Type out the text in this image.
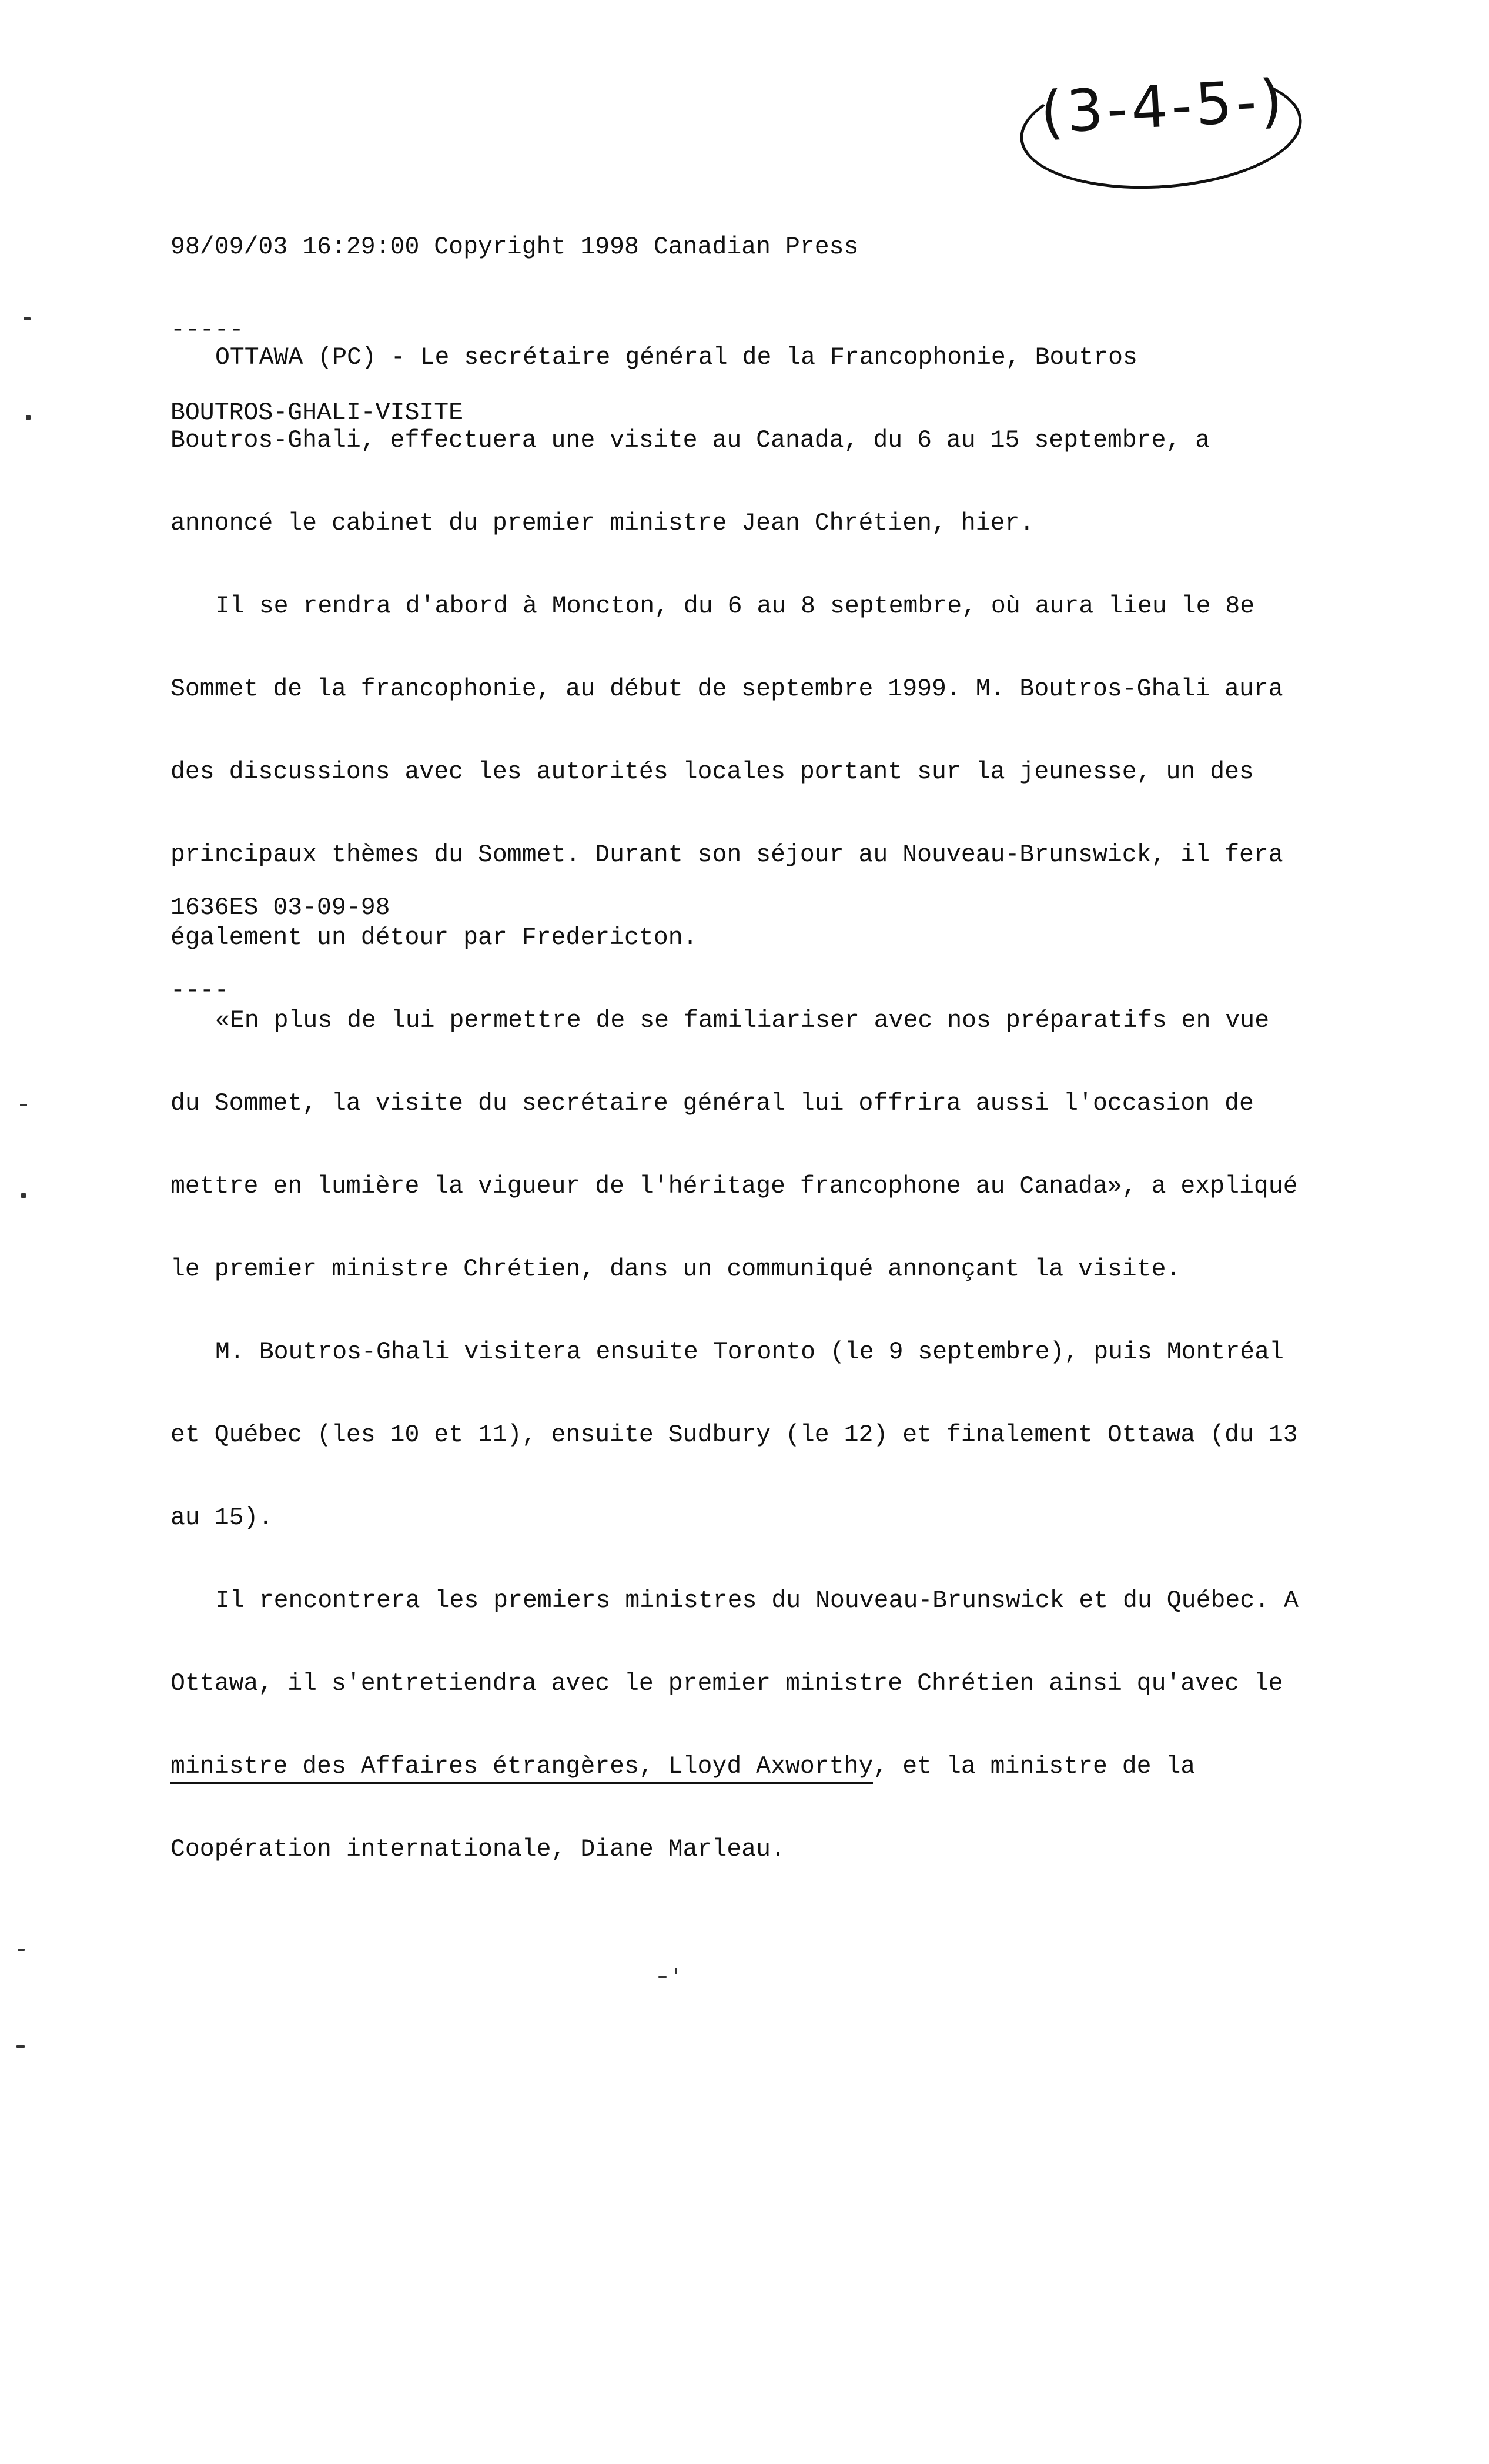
(3-4-5-)

98/09/03 16:29:00 Copyright 1998 Canadian Press

-----

BOUTROS-GHALI-VISITE

OTTAWA (PC) - Le secrétaire général de la Francophonie, Boutros

Boutros-Ghali, effectuera une visite au Canada, du 6 au 15 septembre, a

annoncé le cabinet du premier ministre Jean Chrétien, hier.

Il se rendra d'abord à Moncton, du 6 au 8 septembre, où aura lieu le 8e

Sommet de la francophonie, au début de septembre 1999. M. Boutros-Ghali aura

des discussions avec les autorités locales portant sur la jeunesse, un des

principaux thèmes du Sommet. Durant son séjour au Nouveau-Brunswick, il fera

également un détour par Fredericton.

«En plus de lui permettre de se familiariser avec nos préparatifs en vue

du Sommet, la visite du secrétaire général lui offrira aussi l'occasion de

mettre en lumière la vigueur de l'héritage francophone au Canada», a expliqué

le premier ministre Chrétien, dans un communiqué annonçant la visite.

M. Boutros-Ghali visitera ensuite Toronto (le 9 septembre), puis Montréal

et Québec (les 10 et 11), ensuite Sudbury (le 12) et finalement Ottawa (du 13

au 15).

Il rencontrera les premiers ministres du Nouveau-Brunswick et du Québec. A

Ottawa, il s'entretiendra avec le premier ministre Chrétien ainsi qu'avec le

ministre des Affaires étrangères, Lloyd Axworthy, et la ministre de la

Coopération internationale, Diane Marleau.

1636ES 03-09-98

----
